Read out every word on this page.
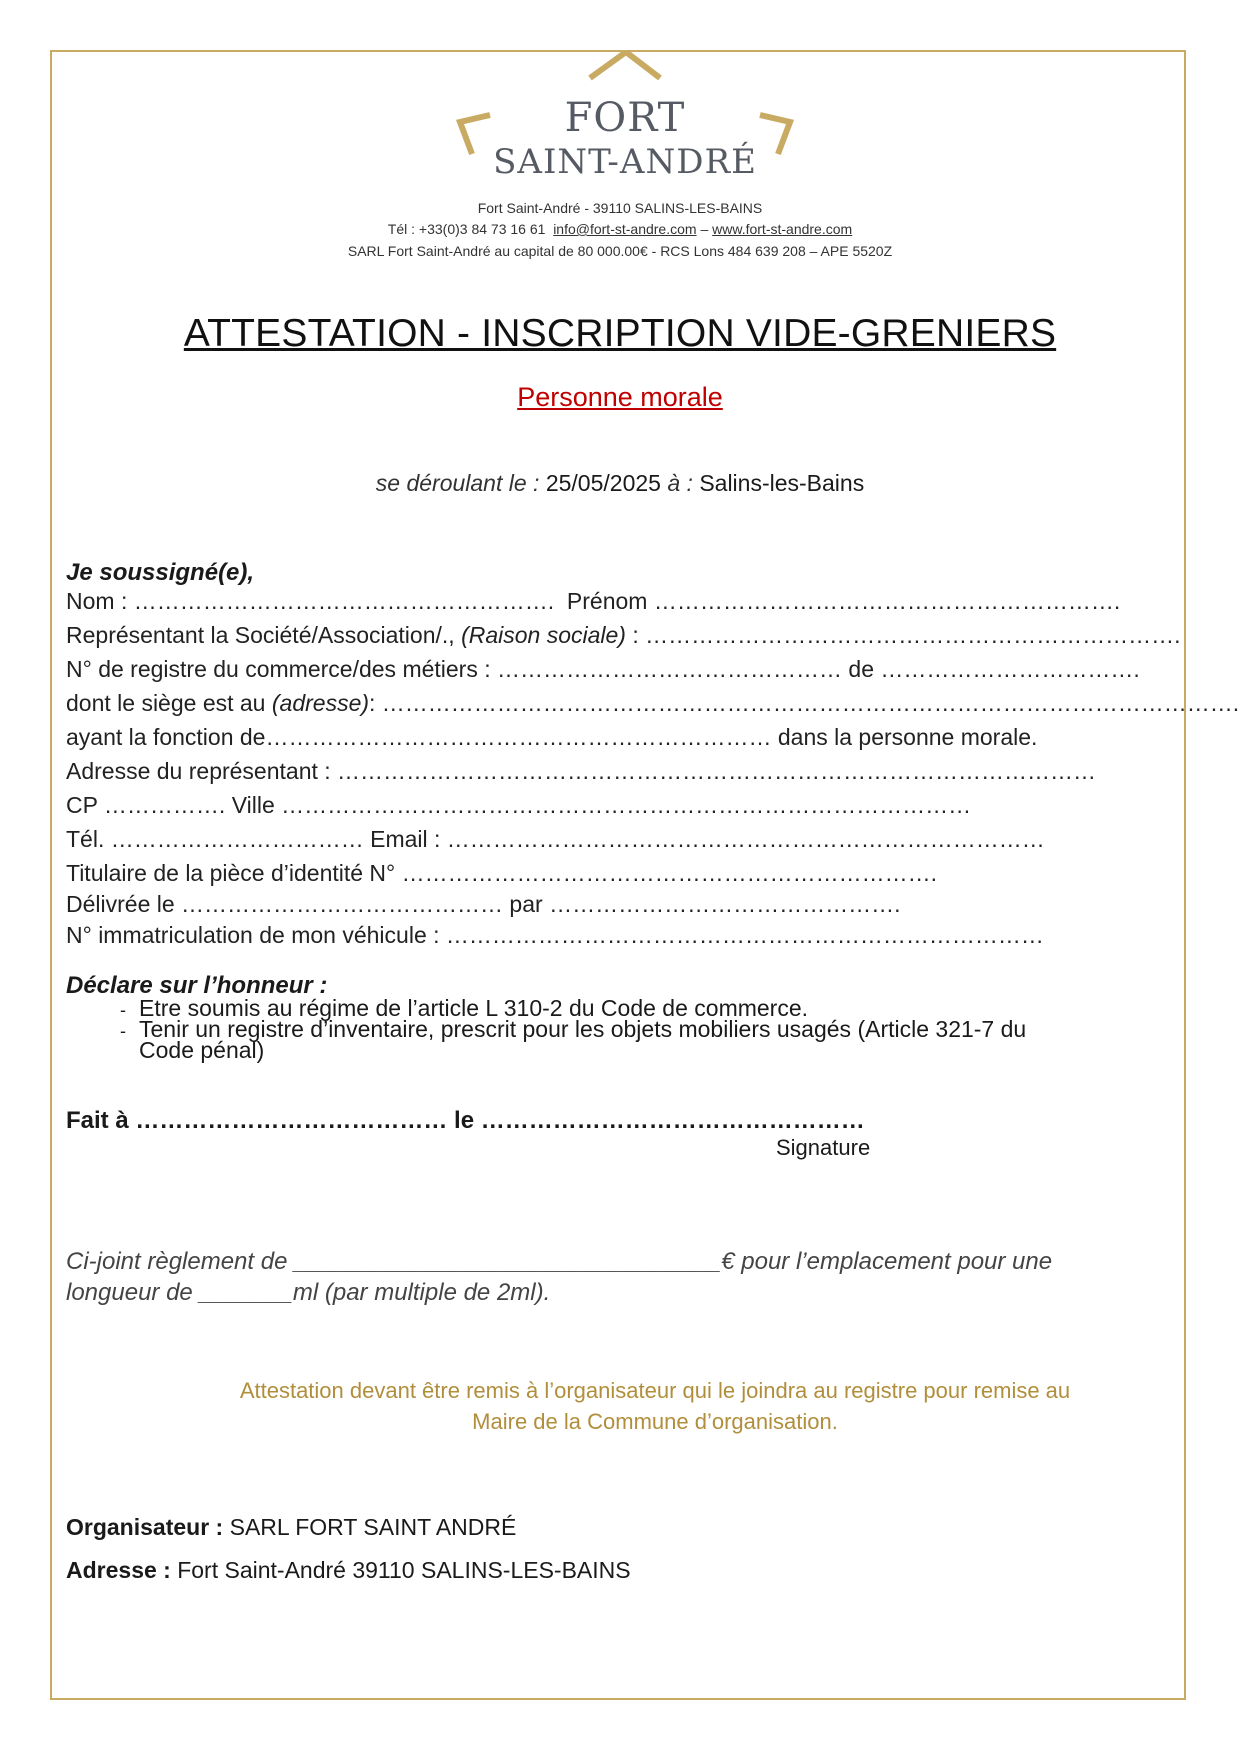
FORT
SAINT-ANDRÉ
Fort Saint-André - 39110 SALINS-LES-BAINS
Tél : +33(0)3 84 73 16 61 info@fort-st-andre.com – www.fort-st-andre.com
SARL Fort Saint-André au capital de 80 000.00€ - RCS Lons 484 639 208 – APE 5520Z
ATTESTATION - INSCRIPTION VIDE-GRENIERS
Personne morale
se déroulant le : 25/05/2025 à : Salins-les-Bains
Je soussigné(e),
Nom : ………………………………………………. Prénom …………………………………………………….
Représentant la Société/Association/., (Raison sociale) : …………………………………………………………….
N° de registre du commerce/des métiers : ……………………………………… de …………………………….
dont le siège est au (adresse): ………………………………………………………………………………………………….
ayant la fonction de………………………………………………………… dans la personne morale.
Adresse du représentant : ………………………………………………………………………………………
CP ……………. Ville ………………………………………………………………………………
Tél. …………………………… Email : ……………………………………………………………………
Titulaire de la pièce d’identité N° …………………………………………………………….
Délivrée le …………………………………… par ……………………………………….
N° immatriculation de mon véhicule : ……………………………………………………………………
Déclare sur l’honneur :
- Etre soumis au régime de l’article L 310-2 du Code de commerce.
- Tenir un registre d’inventaire, prescrit pour les objets mobiliers usagés (Article 321-7 du
Code pénal)
Fait à ………………………………… le …………………………………………
Signature
Ci-joint règlement de ________________________________€ pour l’emplacement pour une
longueur de _______ml (par multiple de 2ml).
Attestation devant être remis à l’organisateur qui le joindra au registre pour remise au
Maire de la Commune d’organisation.
Organisateur : SARL FORT SAINT ANDRÉ
Adresse : Fort Saint-André 39110 SALINS-LES-BAINS
